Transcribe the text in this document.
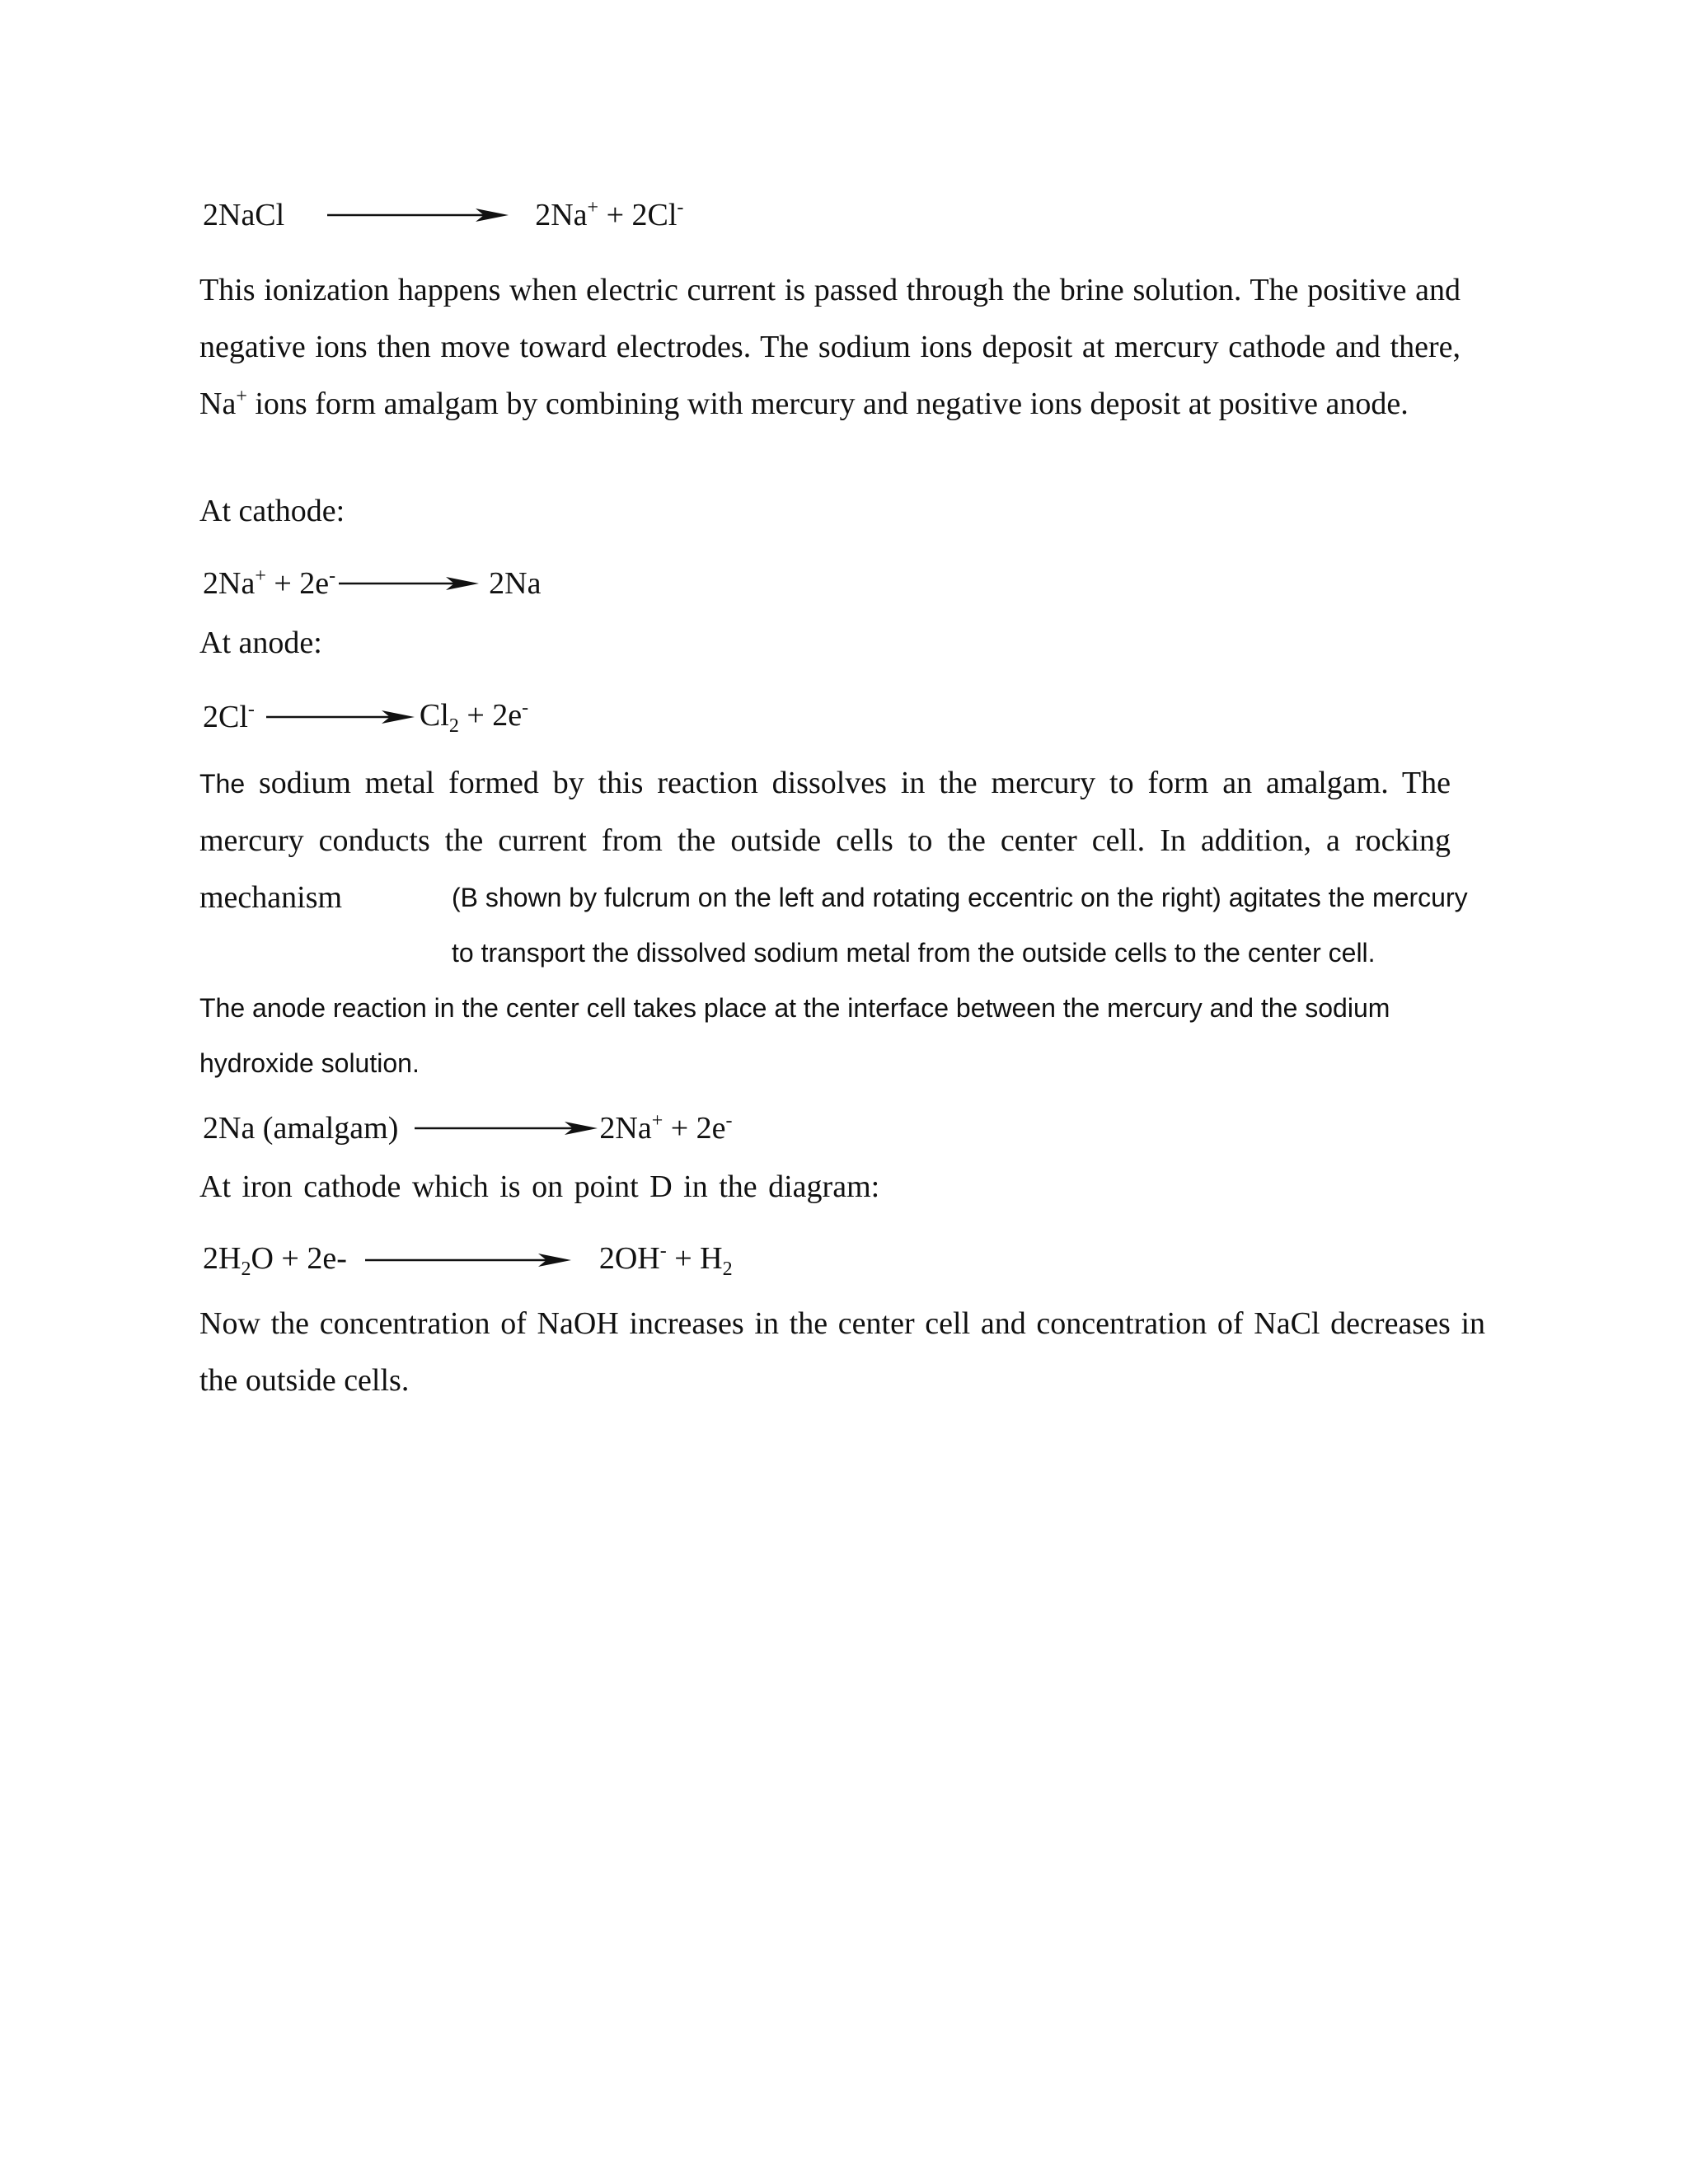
2NaCl	2Na+ + 2Cl-

This ionization happens when electric current is passed through the brine solution. The positive and negative ions then move toward electrodes. The sodium ions deposit at mercury cathode and there, Na+ ions form amalgam by combining with mercury and negative ions deposit at positive anode.

At cathode:

2Na+ + 2e-	2Na

At anode:

2Cl-	$Cl_2 + 2e^-$

The sodium metal formed by this reaction dissolves in the mercury to form an amalgam. The mercury conducts the current from the outside cells to the center cell. In addition, a rocking mechanism	(B shown by fulcrum on the left and rotating eccentric on the right) agitates the mercury to transport the dissolved sodium metal from the outside cells to the center cell.

The anode reaction in the center cell takes place at the interface between the mercury and the sodium hydroxide solution.

2Na (amalgam)	2Na+ + 2e-

At iron cathode which is on point D in the diagram:

$2H_2O + 2e-$	$2OH^- + H_2$

Now the concentration of NaOH increases in the center cell and concentration of NaCl decreases in the outside cells.
